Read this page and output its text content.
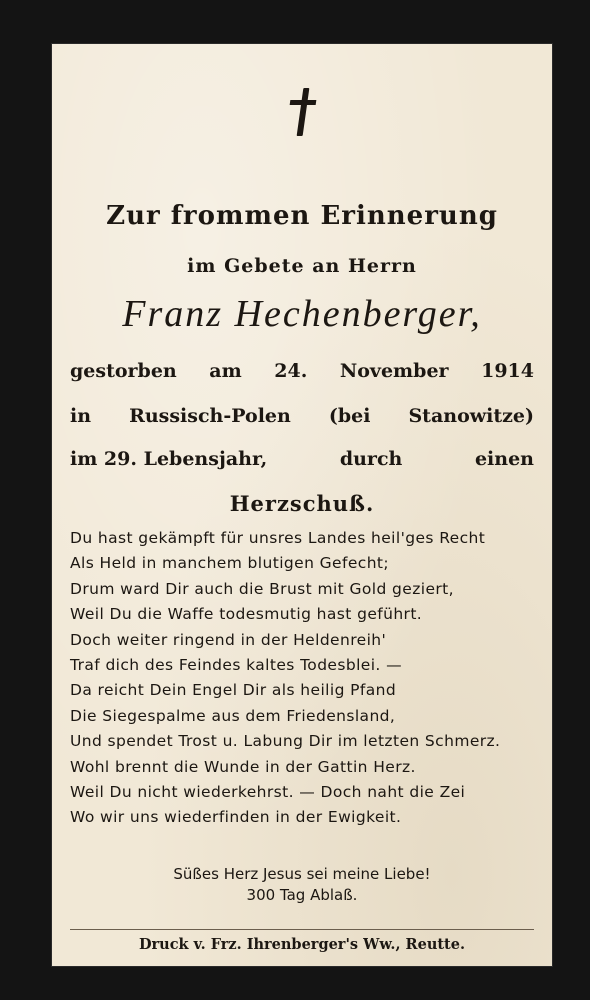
Zur frommen Erinnerung
im Gebete an Herrn
Franz Hechenberger,
gestorben am 24. November 1914
in Russisch-Polen (bei Stanowitze)
im 29. Lebensjahr,	durch	einen
Herzschuß.
Du hast gekämpft für unsres Landes heil'ges Recht
Als Held in manchem blutigen Gefecht;
Drum ward Dir auch die Brust mit Gold geziert,
Weil Du die Waffe todesmutig hast geführt.
Doch weiter ringend in der Heldenreih'
Traf dich des Feindes kaltes Todesblei. —
Da reicht Dein Engel Dir als heilig Pfand
Die Siegespalme aus dem Friedensland,
Und spendet Trost u. Labung Dir im letzten Schmerz.
Wohl brennt die Wunde in der Gattin Herz.
Weil Du nicht wiederkehrst. — Doch naht die Zei
Wo wir uns wiederfinden in der Ewigkeit.
Süßes Herz Jesus sei meine Liebe!
300 Tag Ablaß.
Druck v. Frz. Ihrenberger's Ww., Reutte.
